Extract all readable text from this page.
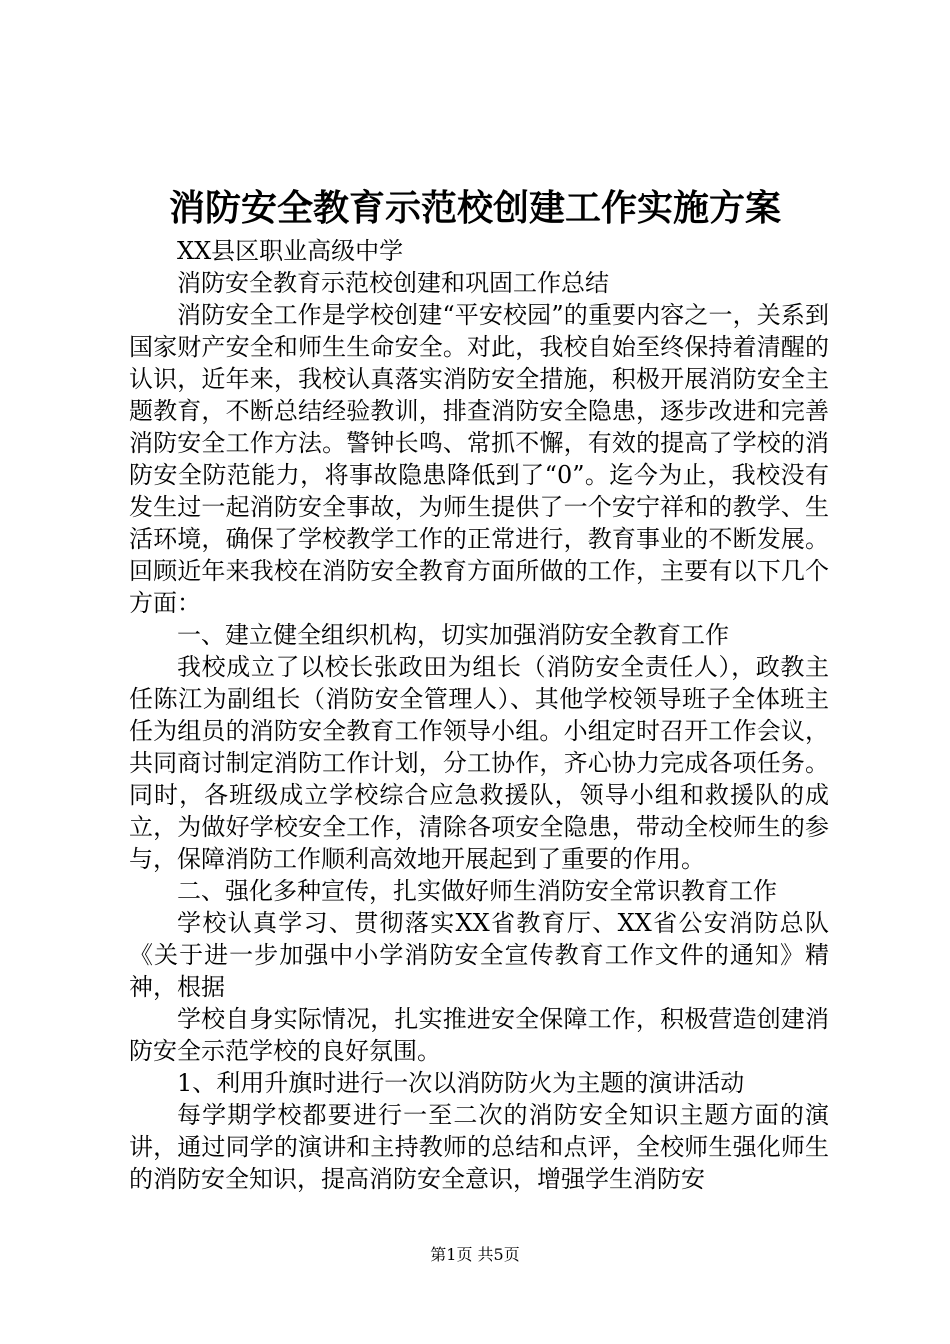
消防安全教育示范校创建工作实施方案

XX县区职业高级中学

消防安全教育示范校创建和巩固工作总结

消防安全工作是学校创建“平安校园”的重要内容之一，关系到国家财产安全和师生生命安全。对此，我校自始至终保持着清醒的认识，近年来，我校认真落实消防安全措施，积极开展消防安全主题教育，不断总结经验教训，排查消防安全隐患，逐步改进和完善消防安全工作方法。警钟长鸣、常抓不懈，有效的提高了学校的消防安全防范能力，将事故隐患降低到了“0”。迄今为止，我校没有发生过一起消防安全事故，为师生提供了一个安宁祥和的教学、生活环境，确保了学校教学工作的正常进行，教育事业的不断发展。回顾近年来我校在消防安全教育方面所做的工作，主要有以下几个方面：

一、建立健全组织机构，切实加强消防安全教育工作

我校成立了以校长张政田为组长（消防安全责任人），政教主任陈江为副组长（消防安全管理人）、其他学校领导班子全体班主任为组员的消防安全教育工作领导小组。小组定时召开工作会议，共同商讨制定消防工作计划，分工协作，齐心协力完成各项任务。同时，各班级成立学校综合应急救援队，领导小组和救援队的成立，为做好学校安全工作，清除各项安全隐患，带动全校师生的参与，保障消防工作顺利高效地开展起到了重要的作用。

二、强化多种宣传，扎实做好师生消防安全常识教育工作

学校认真学习、贯彻落实XX省教育厅、XX省公安消防总队《关于进一步加强中小学消防安全宣传教育工作文件的通知》精神，根据

学校自身实际情况，扎实推进安全保障工作，积极营造创建消防安全示范学校的良好氛围。

1、利用升旗时进行一次以消防防火为主题的演讲活动

每学期学校都要进行一至二次的消防安全知识主题方面的演讲，通过同学的演讲和主持教师的总结和点评，全校师生强化师生的消防安全知识，提高消防安全意识，增强学生消防安

第1页 共5页
